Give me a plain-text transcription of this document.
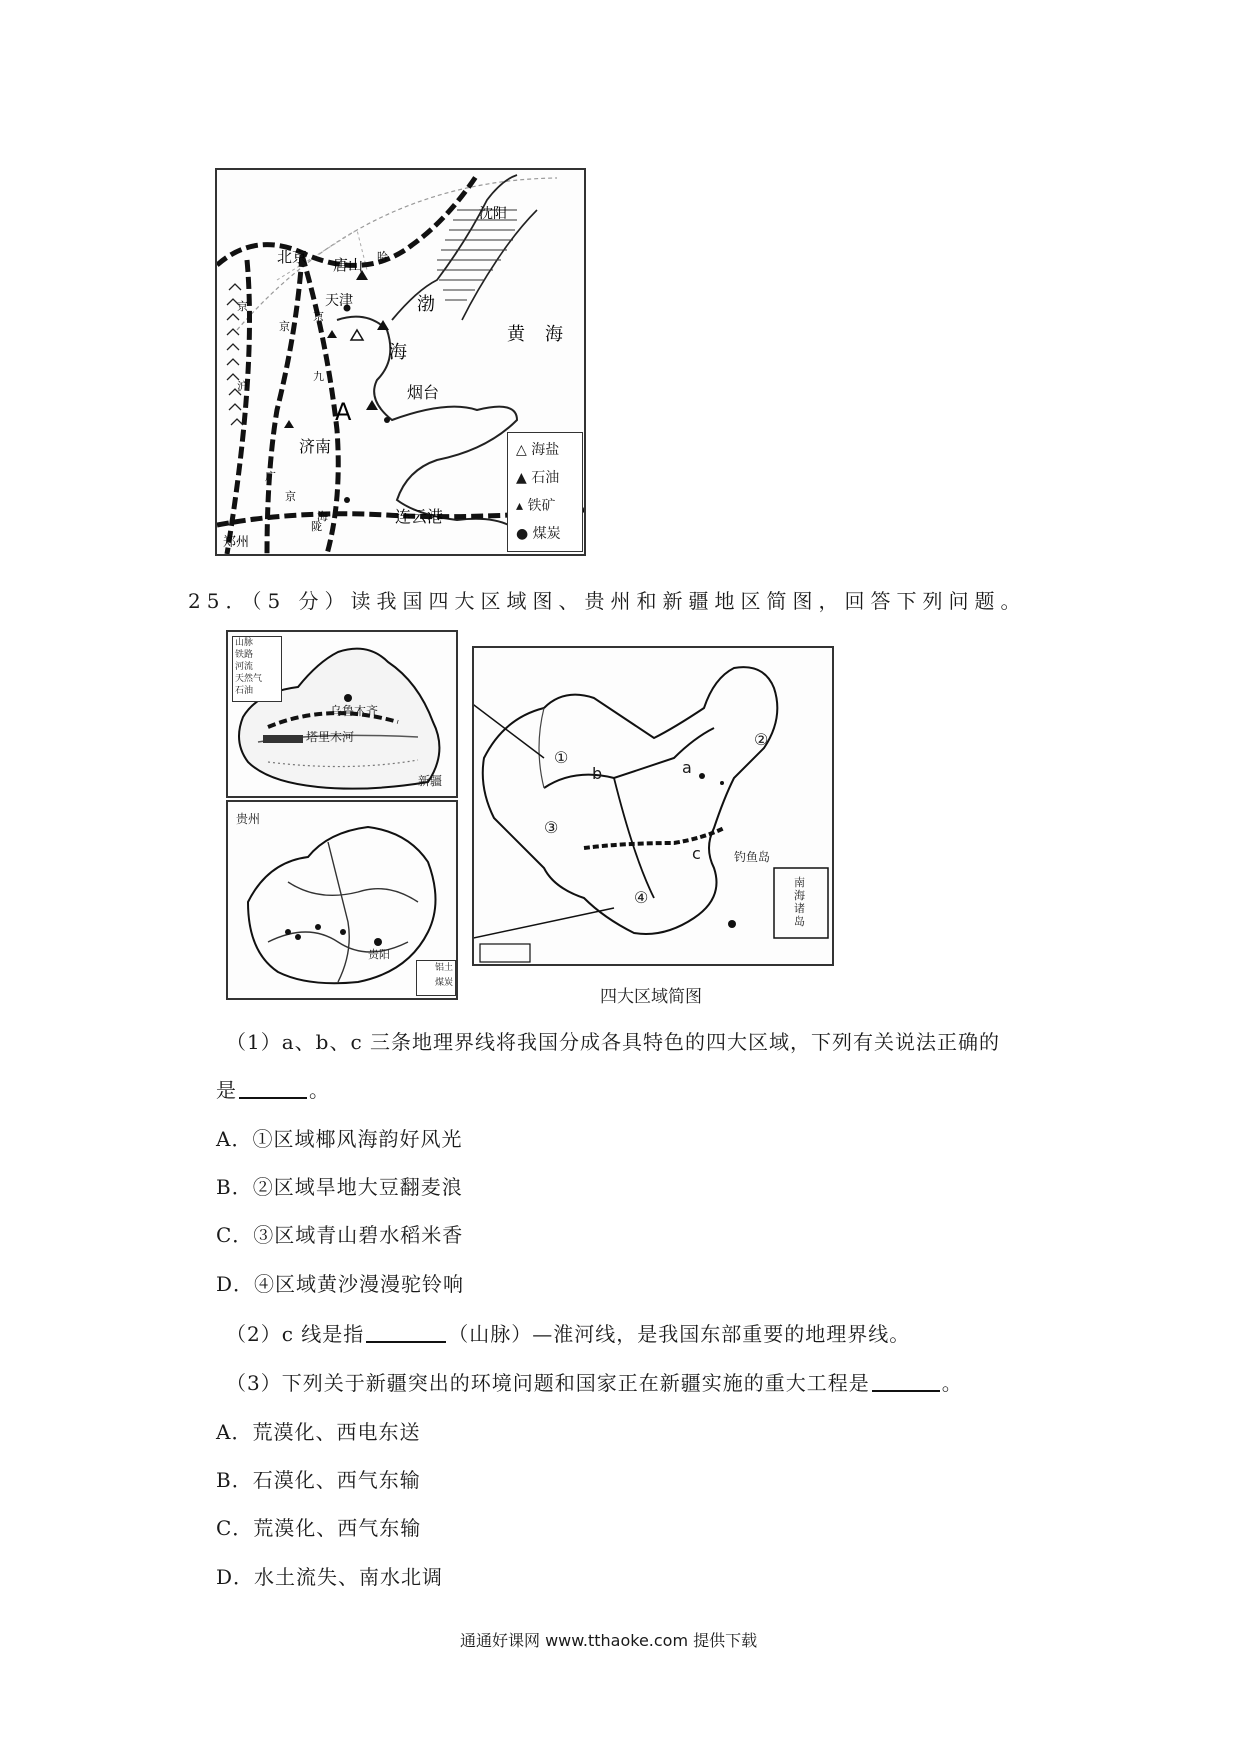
北京 唐山
天津
沈阳
烟台
济南
连云港
郑州
渤
海
黄 海
A
京
沪
京
九
广
京
哈
京
陇
海
△ 海盐
▲ 石油
▴ 铁矿
● 煤炭
25．（5 分）读我国四大区域图、贵州和新疆地区简图，回答下列问题。
山脉
铁路
河流
天然气
石油
乌鲁木齐
塔里木河
新疆
贵州
贵阳
铝土
煤炭
①
②
③
④
a
b
c	钓鱼岛
南海诸岛
四大区域简图
（1）a、b、c 三条地理界线将我国分成各具特色的四大区域，下列有关说法正确的
是	。
A．①区域椰风海韵好风光
B．②区域旱地大豆翻麦浪
C．③区域青山碧水稻米香
D．④区域黄沙漫漫驼铃响
（2）c 线是指	（山脉）—淮河线，是我国东部重要的地理界线。
（3）下列关于新疆突出的环境问题和国家正在新疆实施的重大工程是	。
A．荒漠化、西电东送
B．石漠化、西气东输
C．荒漠化、西气东输
D．水土流失、南水北调
通通好课网 www.tthaoke.com 提供下载
